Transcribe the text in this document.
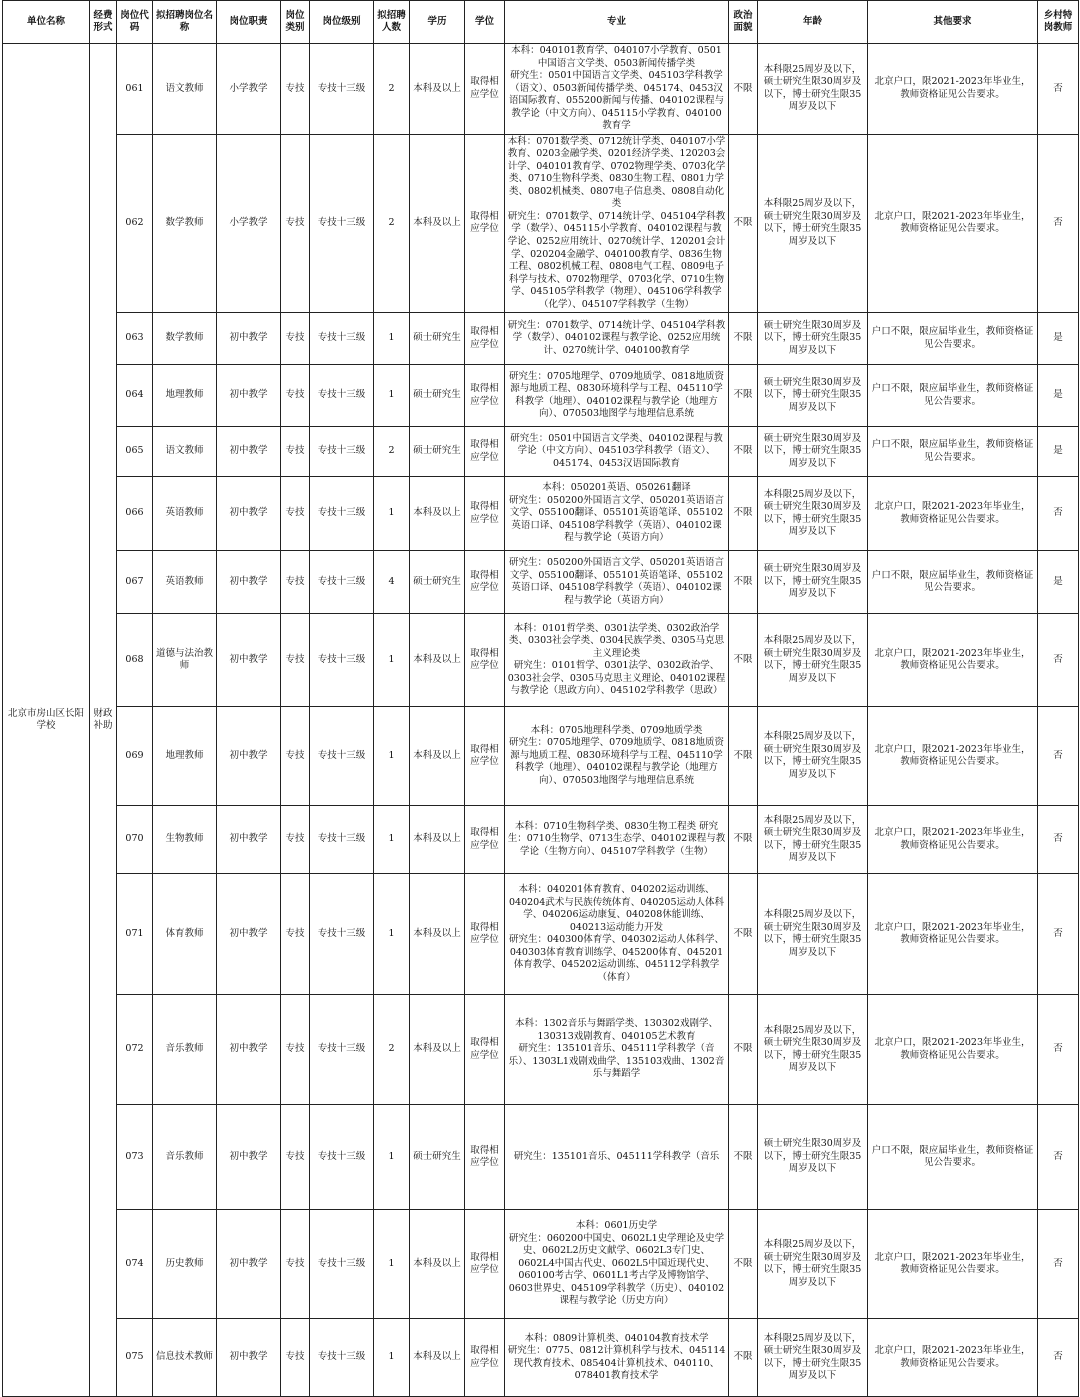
单位名称	经费形式	岗位代码	拟招聘岗位名称	岗位职责	岗位类别	岗位级别	拟招聘人数	学历	学位	专业	政治面貌	年龄	其他要求	乡村特岗教师
北京市房山区长阳学校	财政补助	061	语文教师	小学教学	专技	专技十三级	2	本科及以上	取得相应学位	本科：040101教育学、040107小学教育、0501中国语言文学类、0503新闻传播学类
研究生：0501中国语言文学类、045103学科教学（语文）、0503新闻传播学类、045174、0453汉语国际教育、055200新闻与传播、040102课程与教学论（中文方向）、045115小学教育、040100教育学	不限	本科限25周岁及以下，硕士研究生限30周岁及以下，博士研究生限35周岁及以下	北京户口，限2021-2023年毕业生，教师资格证见公告要求。	否
		062	数学教师	小学教学	专技	专技十三级	2	本科及以上	取得相应学位	本科：0701数学类、0712统计学类、040107小学教育、0203金融学类、0201经济学类、120203会计学、040101教育学、0702物理学类、0703化学类、0710生物科学类、0830生物工程、0801力学类、0802机械类、0807电子信息类、0808自动化类
研究生：0701数学、0714统计学、045104学科教学（数学）、045115小学教育、040102课程与教学论、0252应用统计、0270统计学、120201会计学、020204金融学、040100教育学、0836生物工程、0802机械工程、0808电气工程、0809电子科学与技术、0702物理学、0703化学、0710生物学、045105学科教学（物理）、045106学科教学（化学）、045107学科教学（生物）	不限	本科限25周岁及以下，硕士研究生限30周岁及以下，博士研究生限35周岁及以下	北京户口，限2021-2023年毕业生，教师资格证见公告要求。	否
		063	数学教师	初中教学	专技	专技十三级	1	硕士研究生	取得相应学位	研究生：0701数学、0714统计学、045104学科教学（数学）、040102课程与教学论、0252应用统计、0270统计学、040100教育学	不限	硕士研究生限30周岁及以下，博士研究生限35周岁及以下	户口不限，限应届毕业生，教师资格证见公告要求。	是
		064	地理教师	初中教学	专技	专技十三级	1	硕士研究生	取得相应学位	研究生：0705地理学、0709地质学、0818地质资源与地质工程、0830环境科学与工程、045110学科教学（地理）、040102课程与教学论（地理方向）、070503地图学与地理信息系统	不限	硕士研究生限30周岁及以下，博士研究生限35周岁及以下	户口不限，限应届毕业生，教师资格证见公告要求。	是
		065	语文教师	初中教学	专技	专技十三级	2	硕士研究生	取得相应学位	研究生：0501中国语言文学类、040102课程与教学论（中文方向）、045103学科教学（语文）、045174、0453汉语国际教育	不限	硕士研究生限30周岁及以下，博士研究生限35周岁及以下	户口不限，限应届毕业生，教师资格证见公告要求。	是
		066	英语教师	初中教学	专技	专技十三级	1	本科及以上	取得相应学位	本科：050201英语、050261翻译
研究生：050200外国语言文学、050201英语语言文学、055100翻译、055101英语笔译、055102英语口译、045108学科教学（英语）、040102课程与教学论（英语方向）	不限	本科限25周岁及以下，硕士研究生限30周岁及以下，博士研究生限35周岁及以下	北京户口，限2021-2023年毕业生，教师资格证见公告要求。	否
		067	英语教师	初中教学	专技	专技十三级	4	硕士研究生	取得相应学位	研究生：050200外国语言文学、050201英语语言文学、055100翻译、055101英语笔译、055102英语口译、045108学科教学（英语）、040102课程与教学论（英语方向）	不限	硕士研究生限30周岁及以下，博士研究生限35周岁及以下	户口不限，限应届毕业生，教师资格证见公告要求。	是
		068	道德与法治教师	初中教学	专技	专技十三级	1	本科及以上	取得相应学位	本科：0101哲学类、0301法学类、0302政治学类、0303社会学类、0304民族学类、0305马克思主义理论类
研究生：0101哲学、0301法学、0302政治学、0303社会学、0305马克思主义理论、040102课程与教学论（思政方向）、045102学科教学（思政）	不限	本科限25周岁及以下，硕士研究生限30周岁及以下，博士研究生限35周岁及以下	北京户口，限2021-2023年毕业生，教师资格证见公告要求。	否
		069	地理教师	初中教学	专技	专技十三级	1	本科及以上	取得相应学位	本科：0705地理科学类、0709地质学类
研究生：0705地理学、0709地质学、0818地质资源与地质工程、0830环境科学与工程、045110学科教学（地理）、040102课程与教学论（地理方向）、070503地图学与地理信息系统	不限	本科限25周岁及以下，硕士研究生限30周岁及以下，博士研究生限35周岁及以下	北京户口，限2021-2023年毕业生，教师资格证见公告要求。	否
		070	生物教师	初中教学	专技	专技十三级	1	本科及以上	取得相应学位	本科：0710生物科学类、0830生物工程类 研究生：0710生物学、0713生态学、040102课程与教学论（生物方向）、045107学科教学（生物）	不限	本科限25周岁及以下，硕士研究生限30周岁及以下，博士研究生限35周岁及以下	北京户口，限2021-2023年毕业生，教师资格证见公告要求。	否
		071	体育教师	初中教学	专技	专技十三级	1	本科及以上	取得相应学位	本科：040201体育教育、040202运动训练、040204武术与民族传统体育、040205运动人体科学、040206运动康复、040208休能训练、040213运动能力开发
研究生：040300体育学、040302运动人体科学、040303体育教育训练学、045200体育、045201体育教学、045202运动训练、045112学科教学（体育）	不限	本科限25周岁及以下，硕士研究生限30周岁及以下，博士研究生限35周岁及以下	北京户口，限2021-2023年毕业生，教师资格证见公告要求。	否
		072	音乐教师	初中教学	专技	专技十三级	2	本科及以上	取得相应学位	本科：1302音乐与舞蹈学类、130302戏剧学、130313戏剧教育、040105艺术教育
研究生：135101音乐、045111学科教学（音乐）、1303L1戏剧戏曲学、135103戏曲、1302音乐与舞蹈学	不限	本科限25周岁及以下，硕士研究生限30周岁及以下，博士研究生限35周岁及以下	北京户口，限2021-2023年毕业生，教师资格证见公告要求。	否
		073	音乐教师	初中教学	专技	专技十三级	1	硕士研究生	取得相应学位	研究生：135101音乐、045111学科教学（音乐	不限	硕士研究生限30周岁及以下，博士研究生限35周岁及以下	户口不限，限应届毕业生，教师资格证见公告要求。	否
		074	历史教师	初中教学	专技	专技十三级	1	本科及以上	取得相应学位	本科：0601历史学
研究生：060200中国史、0602L1史学理论及史学史、0602L2历史文献学、0602L3专门史、0602L4中国古代史、0602L5中国近现代史、060100考古学、0601L1考古学及博物馆学、0603世界史、045109学科教学（历史）、040102课程与教学论（历史方向）	不限	本科限25周岁及以下，硕士研究生限30周岁及以下，博士研究生限35周岁及以下	北京户口，限2021-2023年毕业生，教师资格证见公告要求。	否
		075	信息技术教师	初中教学	专技	专技十三级	1	本科及以上	取得相应学位	本科：0809计算机类、040104教育技术学
研究生：0775、0812计算机科学与技术、045114现代教育技术、085404计算机技术、040110、078401教育技术学	不限	本科限25周岁及以下，硕士研究生限30周岁及以下，博士研究生限35周岁及以下	北京户口，限2021-2023年毕业生，教师资格证见公告要求。	否
